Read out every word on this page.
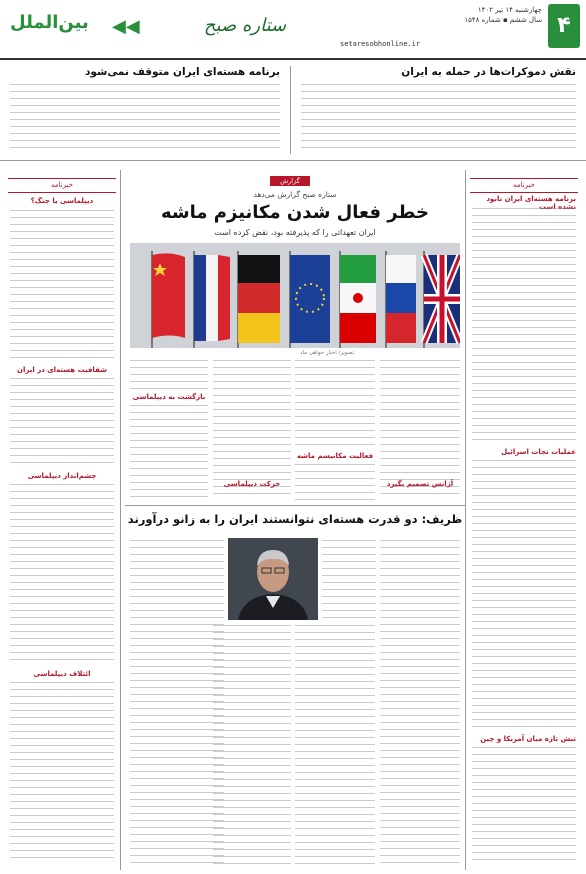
۴
چهارشنبه ۱۴ تیر ۱۴۰۲
سال ششم ▪ شماره ۱۵۴۸
setaresobhonline.ir
ستاره صبح
بین‌الملل	◀◀
نقش دموکرات‌ها در حمله به ایران
برنامه هسته‌ای ایران متوقف نمی‌شود
خبرنامه
برنامه هسته‌ای ایران نابود نشده است
عملیات نجات اسرائیل
تنش تازه میان آمریکا و چین
گزارش
ستاره صبح گزارش می‌دهد
خطر فعال شدن مکانیزم ماشه
ایران تعهداتی را که پذیرفته بود، نقض کرده است
تصویر/ اخبار خواهی ماد
فعالیت مکانیسم ماشه
بازگشت به دیپلماسی
آژانس تصمیم بگیرد
حرکت دیپلماسی
خبرنامه
دیپلماسی یا جنگ؟
شفافیت هسته‌ای در ایران
چشم‌انداز دیپلماسی
ائتلاف دیپلماسی
ظریف: دو قدرت هسته‌ای نتوانستند ایران را به زانو درآورند
